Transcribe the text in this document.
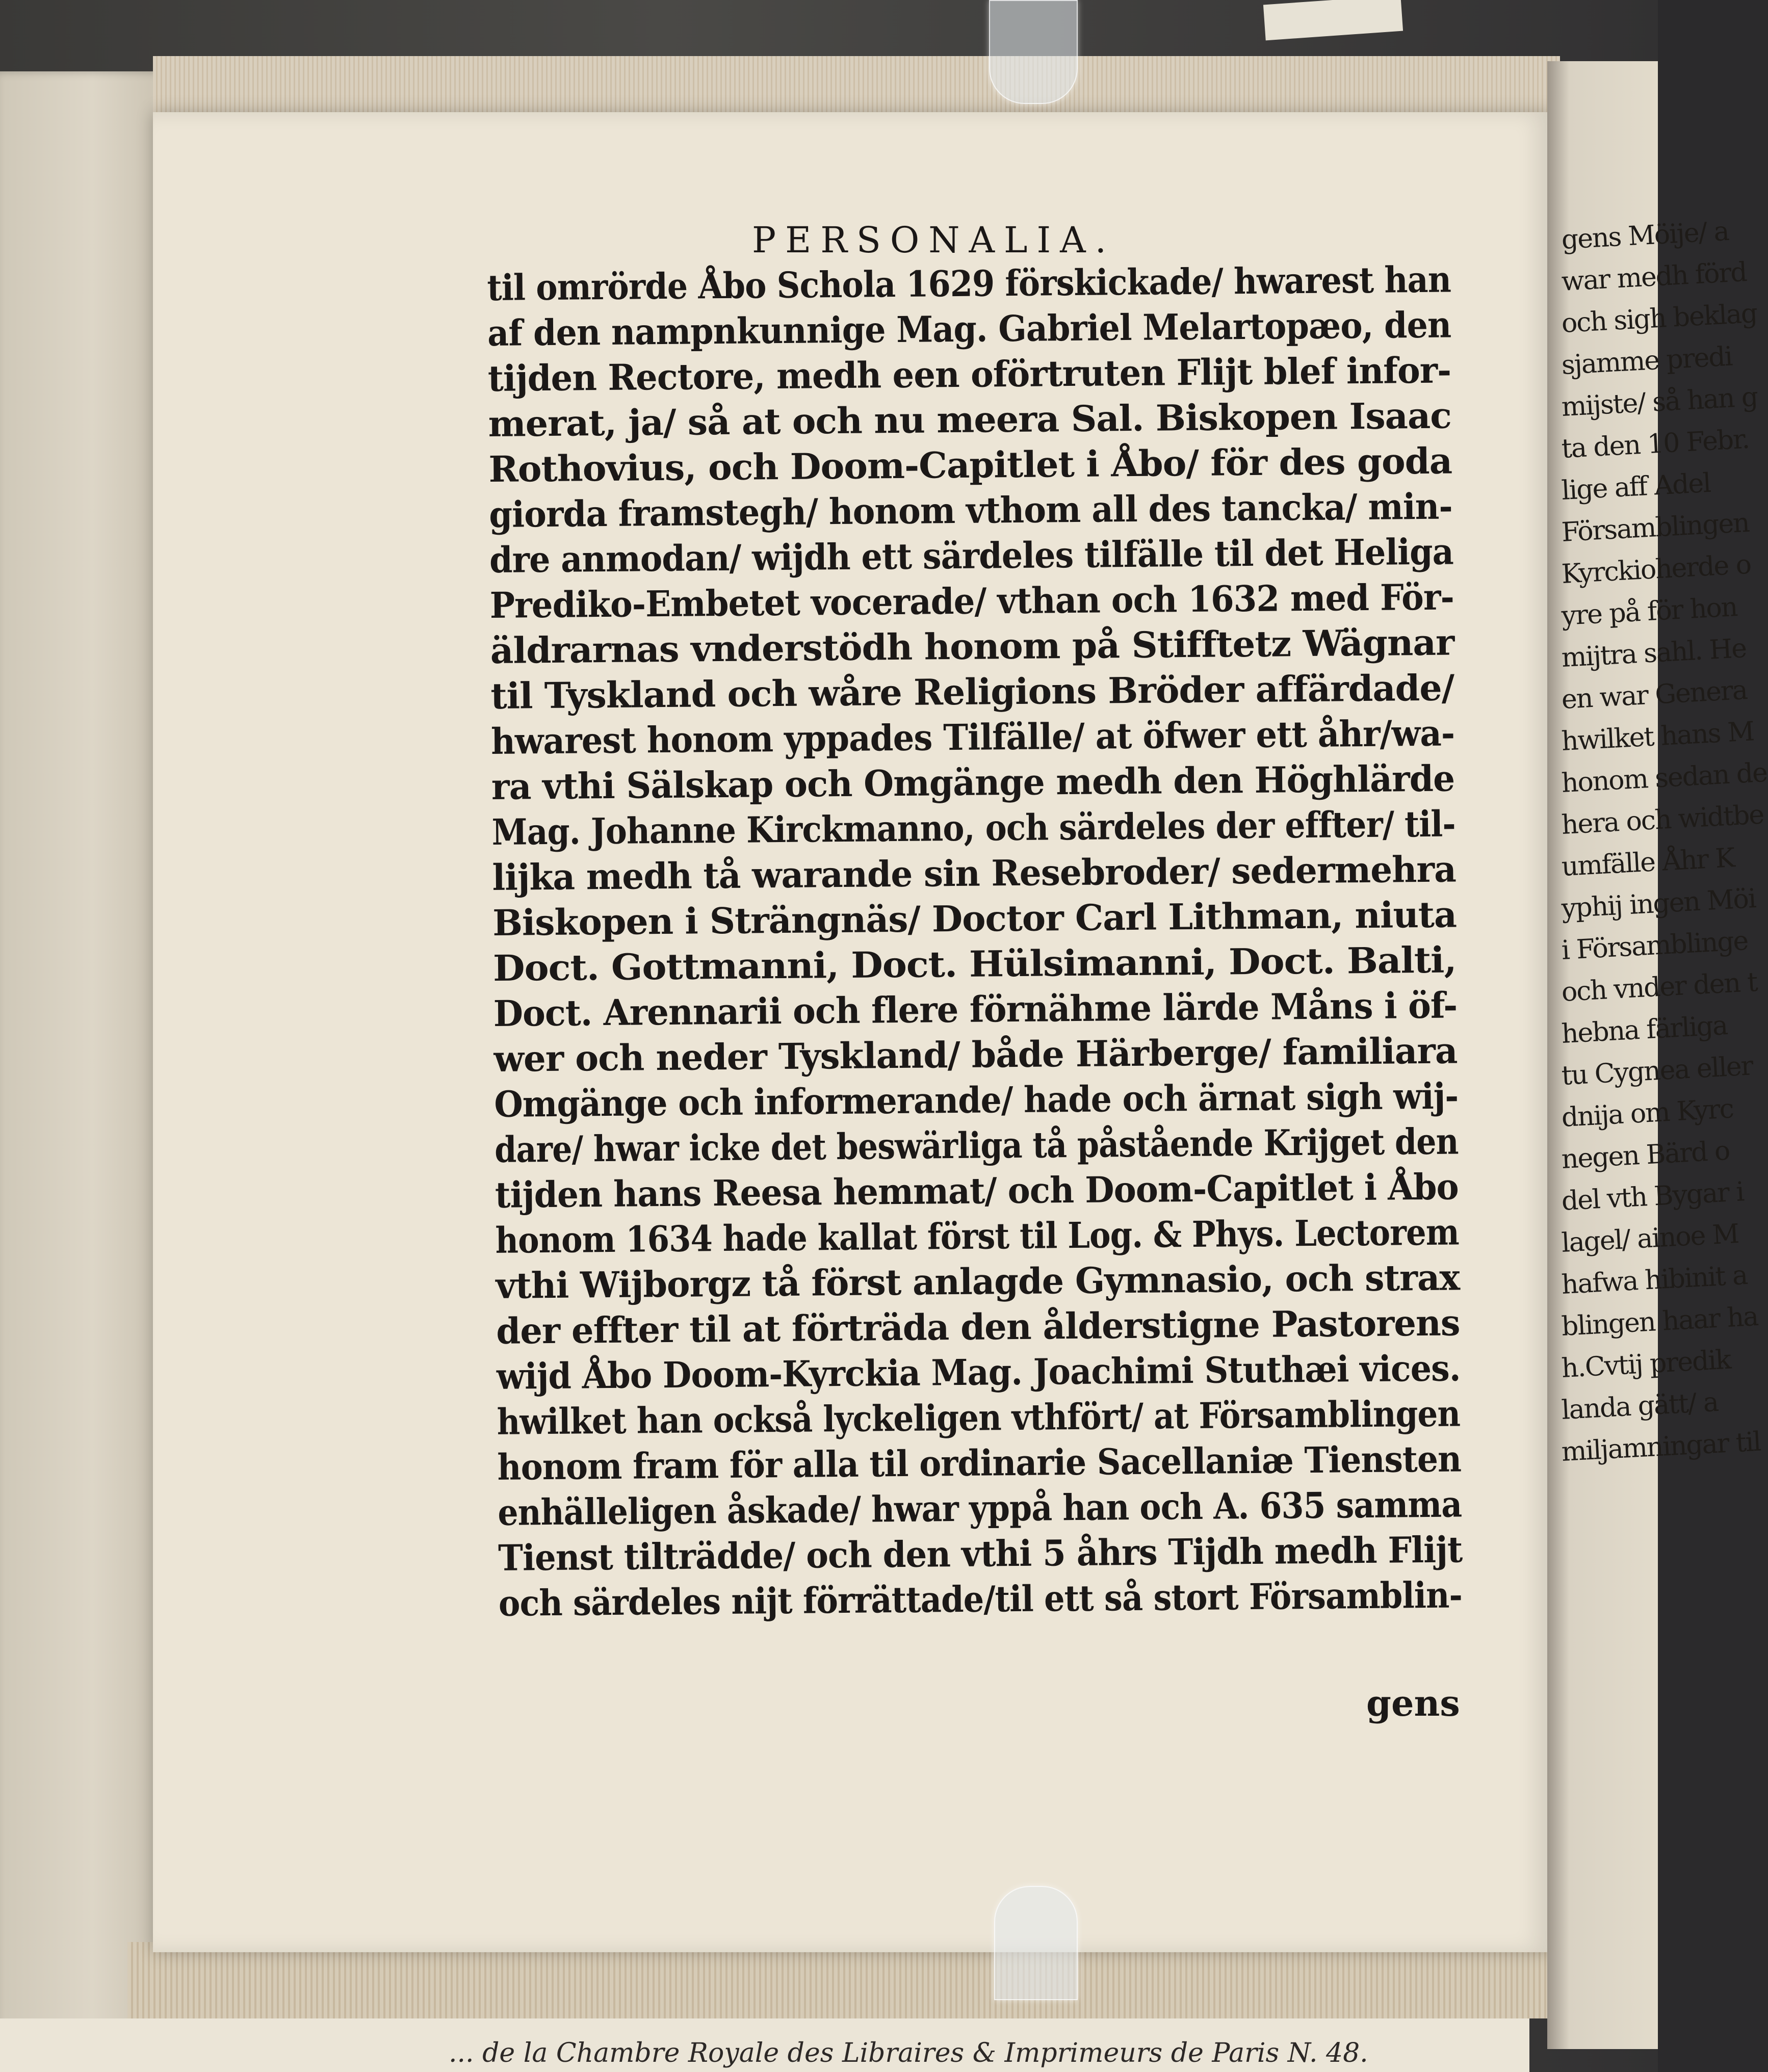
gens Möije/ a
war medh förd
och sigh beklag
sjamme predi
mijste/ så han g
ta den 10 Febr.
lige aff Adel
Församblingen
Kyrckioherde o
yre på för hon
mijtra sahl. He
en war Genera
hwilket hans M
honom sedan de
hera och widtbe
umfälle Åhr K
yphij ingen Möi
i Församblinge
och vnder den t
hebna färliga
tu Cygnea eller
dnija om Kyrc
negen Bärd o
del vth Bygar i
lagel/ ainoe M
hafwa hibinit a
blingen haar ha
h.Cvtij predik
landa gätt/ a
miljamningar til
PERSONALIA.
til omrörde Åbo Schola 1629 förskickade/ hwarest han
af den nampnkunnige Mag. Gabriel Melartopæo, den
tijden Rectore, medh een oförtruten Flijt blef infor-
merat, ja/ så at och nu meera Sal. Biskopen Isaac
Rothovius, och Doom-Capitlet i Åbo/ för des goda
giorda framstegh/ honom vthom all des tancka/ min-
dre anmodan/ wijdh ett särdeles tilfälle til det Heliga
Prediko-Embetet vocerade/ vthan och 1632 med För-
äldrarnas vnderstödh honom på Stifftetz Wägnar
til Tyskland och wåre Religions Bröder affärdade/
hwarest honom yppades Tilfälle/ at öfwer ett åhr/wa-
ra vthi Sälskap och Omgänge medh den Höghlärde
Mag. Johanne Kirckmanno, och särdeles der effter/ til-
lijka medh tå warande sin Resebroder/ sedermehra
Biskopen i Strängnäs/ Doctor Carl Lithman, niuta
Doct. Gottmanni, Doct. Hülsimanni, Doct. Balti,
Doct. Arennarii och flere förnähme lärde Måns i öf-
wer och neder Tyskland/ både Härberge/ familiara
Omgänge och informerande/ hade och ärnat sigh wij-
dare/ hwar icke det beswärliga tå påstående Krijget den
tijden hans Reesa hemmat/ och Doom-Capitlet i Åbo
honom 1634 hade kallat först til Log. & Phys. Lectorem
vthi Wijborgz tå först anlagde Gymnasio, och strax
der effter til at förträda den ålderstigne Pastorens
wijd Åbo Doom-Kyrckia Mag. Joachimi Stuthæi vices.
hwilket han också lyckeligen vthfört/ at Församblingen
honom fram för alla til ordinarie Sacellaniæ Tiensten
enhälleligen åskade/ hwar yppå han och A. 635 samma
Tienst tilträdde/ och den vthi 5 åhrs Tijdh medh Flijt
och särdeles nijt förrättade/til ett så stort Församblin-
gens
... de la Chambre Royale des Libraires & Imprimeurs de Paris N. 48.
